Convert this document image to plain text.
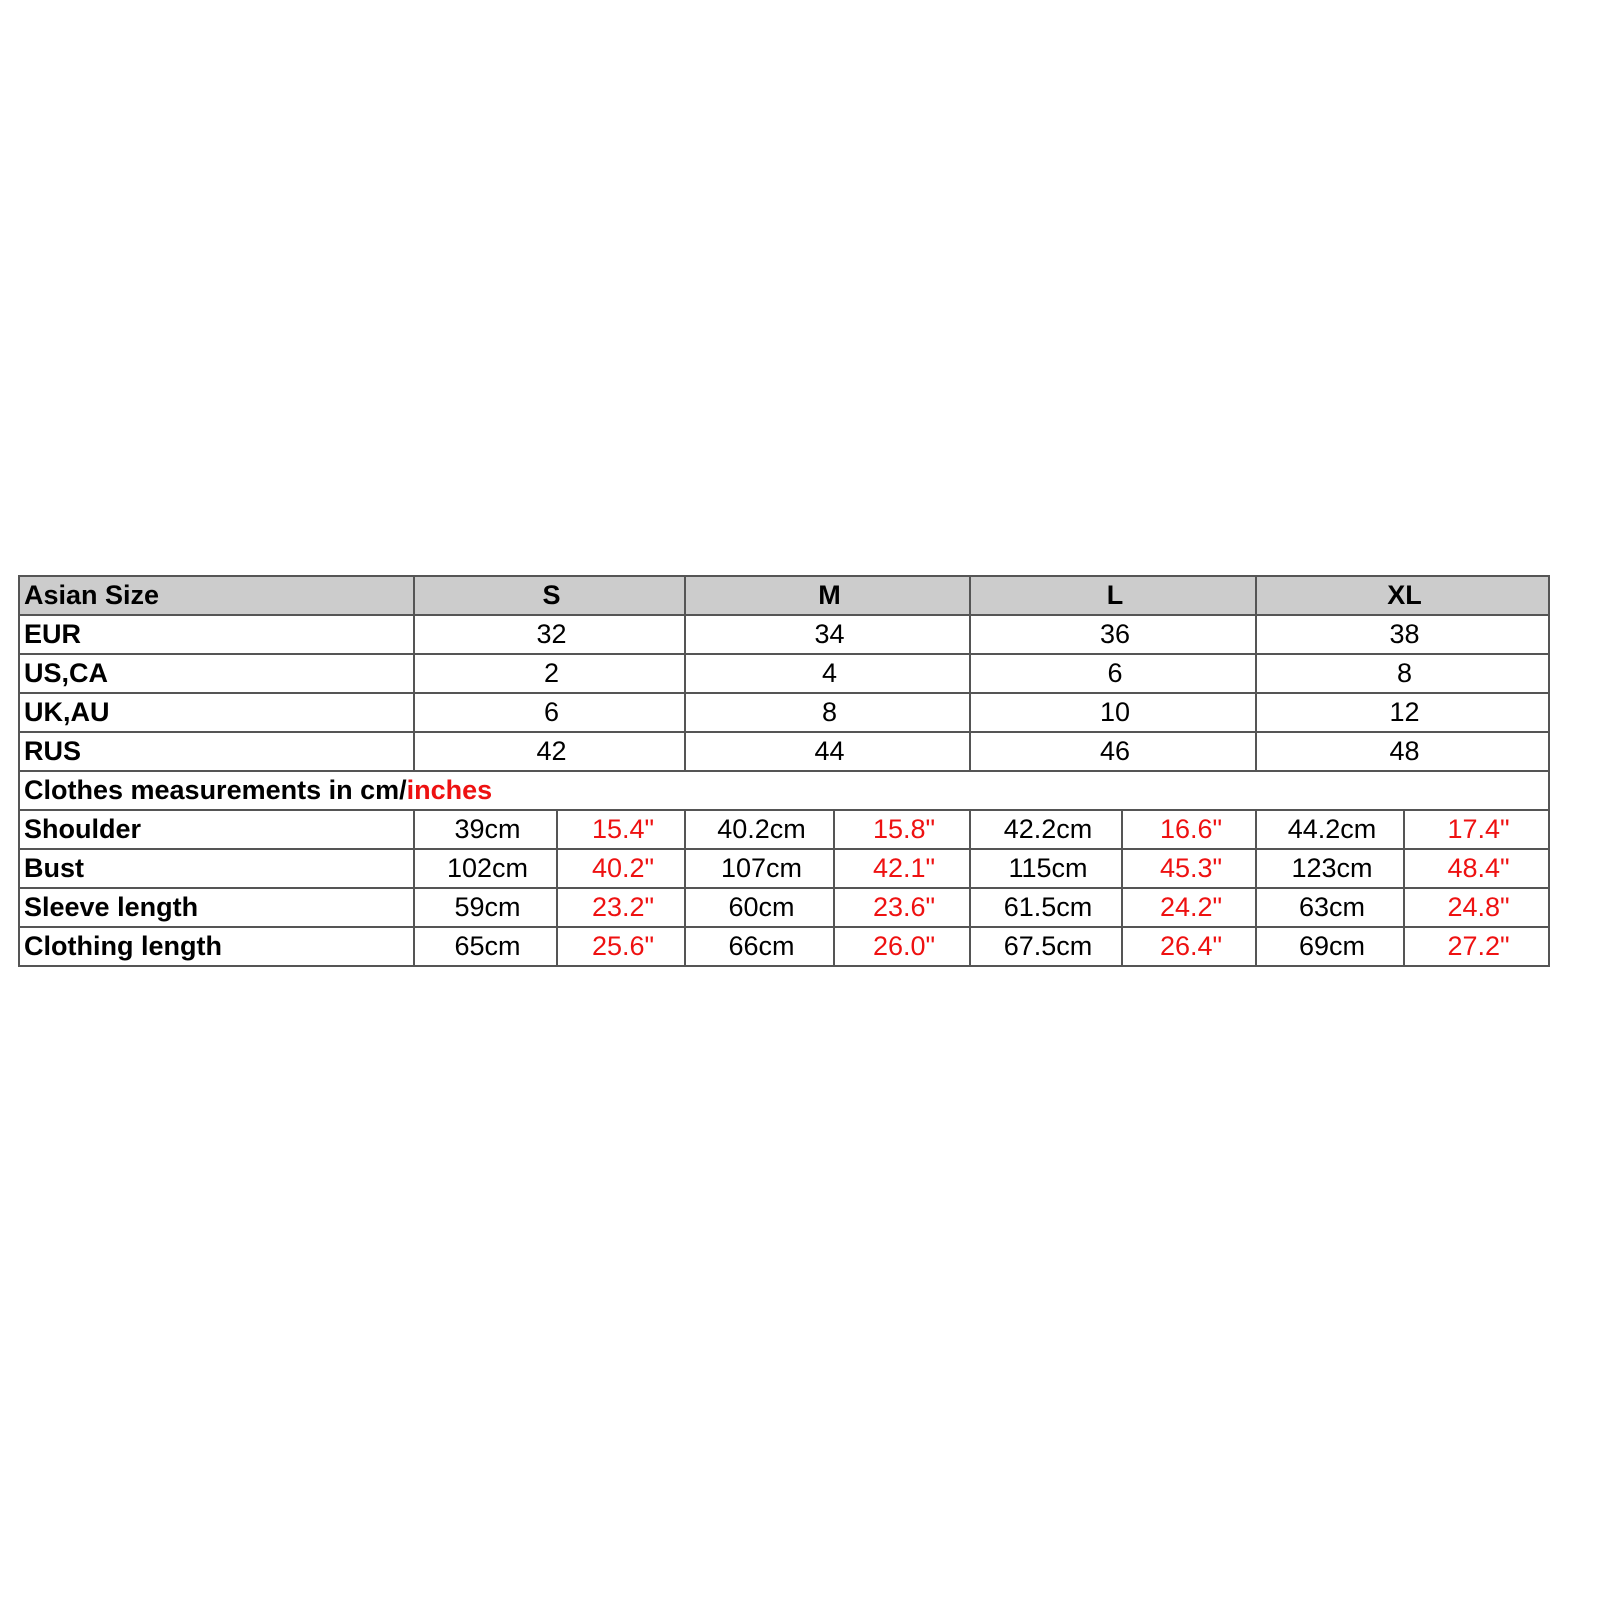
Asian Size	S		M		L		XL	
EUR	32		34		36		38	
US,CA	2		4		6		8	
UK,AU	6		8		10		12	
RUS	42		44		46		48	
Clothes measurements in cm/inches								
Shoulder	39cm	15.4"	40.2cm	15.8"	42.2cm	16.6"	44.2cm	17.4"
Bust	102cm	40.2"	107cm	42.1"	115cm	45.3"	123cm	48.4"
Sleeve length	59cm	23.2"	60cm	23.6"	61.5cm	24.2"	63cm	24.8"
Clothing length	65cm	25.6"	66cm	26.0"	67.5cm	26.4"	69cm	27.2"
